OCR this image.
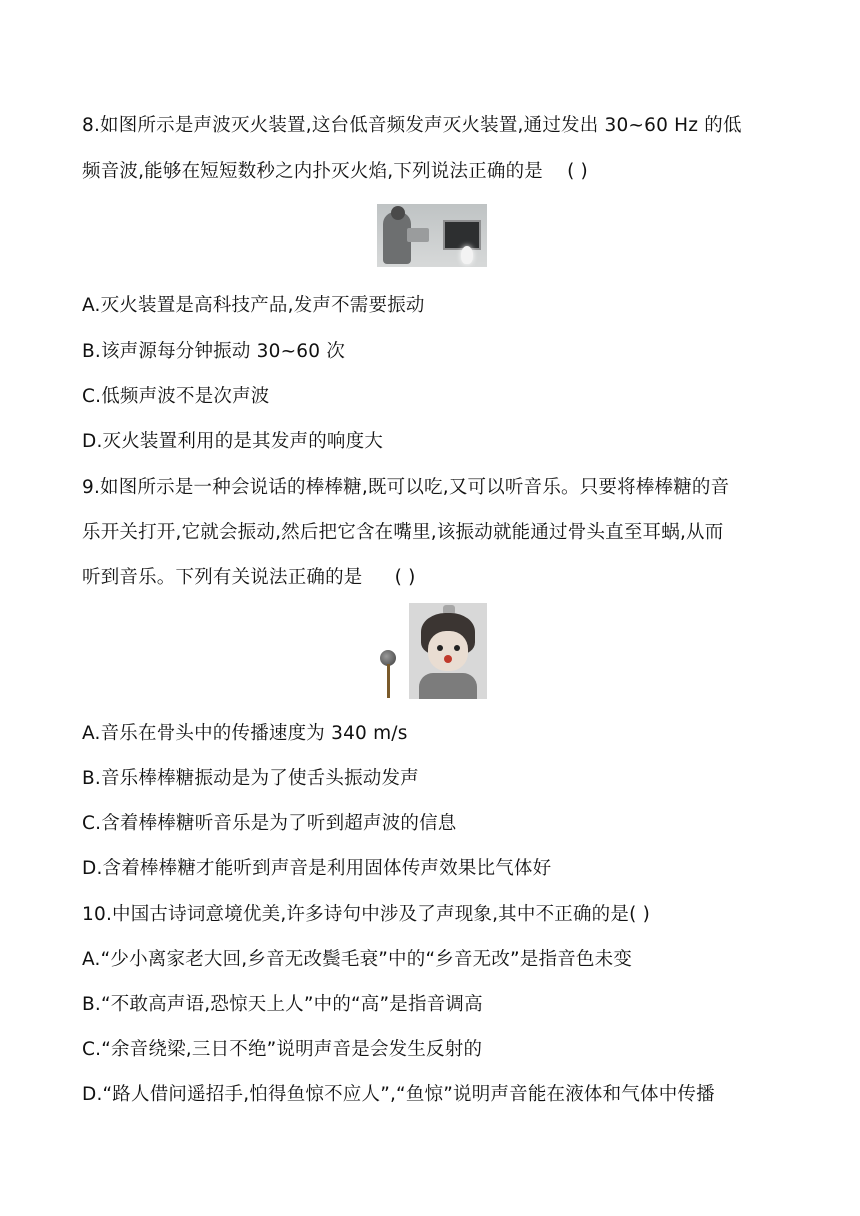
8.如图所示是声波灭火装置,这台低音频发声灭火装置,通过发出 30~60 Hz 的低
频音波,能够在短短数秒之内扑灭火焰,下列说法正确的是 ( )
A.灭火装置是高科技产品,发声不需要振动
B.该声源每分钟振动 30~60 次
C.低频声波不是次声波
D.灭火装置利用的是其发声的响度大
9.如图所示是一种会说话的棒棒糖,既可以吃,又可以听音乐。只要将棒棒糖的音
乐开关打开,它就会振动,然后把它含在嘴里,该振动就能通过骨头直至耳蜗,从而
听到音乐。下列有关说法正确的是 ( )
A.音乐在骨头中的传播速度为 340 m/s
B.音乐棒棒糖振动是为了使舌头振动发声
C.含着棒棒糖听音乐是为了听到超声波的信息
D.含着棒棒糖才能听到声音是利用固体传声效果比气体好
10.中国古诗词意境优美,许多诗句中涉及了声现象,其中不正确的是( )
A.“少小离家老大回,乡音无改鬓毛衰”中的“乡音无改”是指音色未变
B.“不敢高声语,恐惊天上人”中的“高”是指音调高
C.“余音绕梁,三日不绝”说明声音是会发生反射的
D.“路人借问遥招手,怕得鱼惊不应人”,“鱼惊”说明声音能在液体和气体中传播
